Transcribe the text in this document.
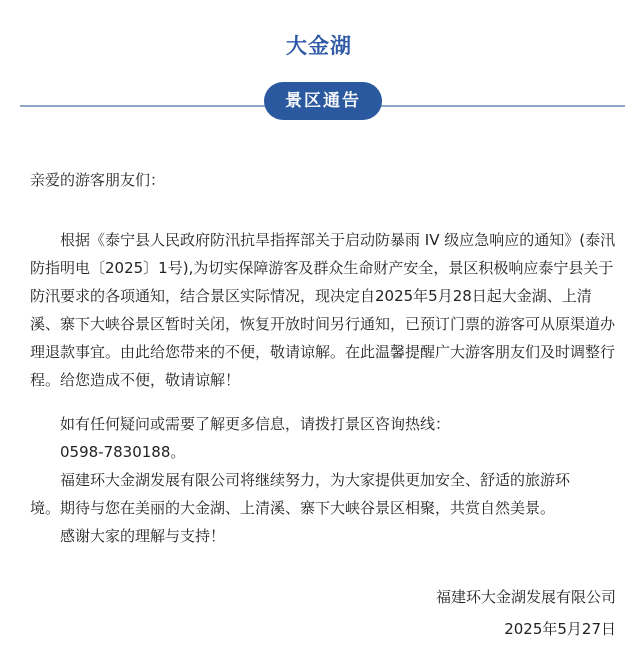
大金湖
景区通告

亲爱的游客朋友们：

根据《泰宁县人民政府防汛抗旱指挥部关于启动防暴雨 IV 级应急响应的通知》(泰汛防指明电〔2025〕1号),为切实保障游客及群众生命财产安全，景区积极响应泰宁县关于防汛要求的各项通知，结合景区实际情况，现决定自2025年5月28日起大金湖、上清溪、寨下大峡谷景区暂时关闭，恢复开放时间另行通知，已预订门票的游客可从原渠道办理退款事宜。由此给您带来的不便，敬请谅解。在此温馨提醒广大游客朋友们及时调整行程。给您造成不便，敬请谅解！

如有任何疑问或需要了解更多信息，请拨打景区咨询热线：

0598-7830188。

福建环大金湖发展有限公司将继续努力，为大家提供更加安全、舒适的旅游环
境。期待与您在美丽的大金湖、上清溪、寨下大峡谷景区相聚，共赏自然美景。

感谢大家的理解与支持！

福建环大金湖发展有限公司
2025年5月27日
